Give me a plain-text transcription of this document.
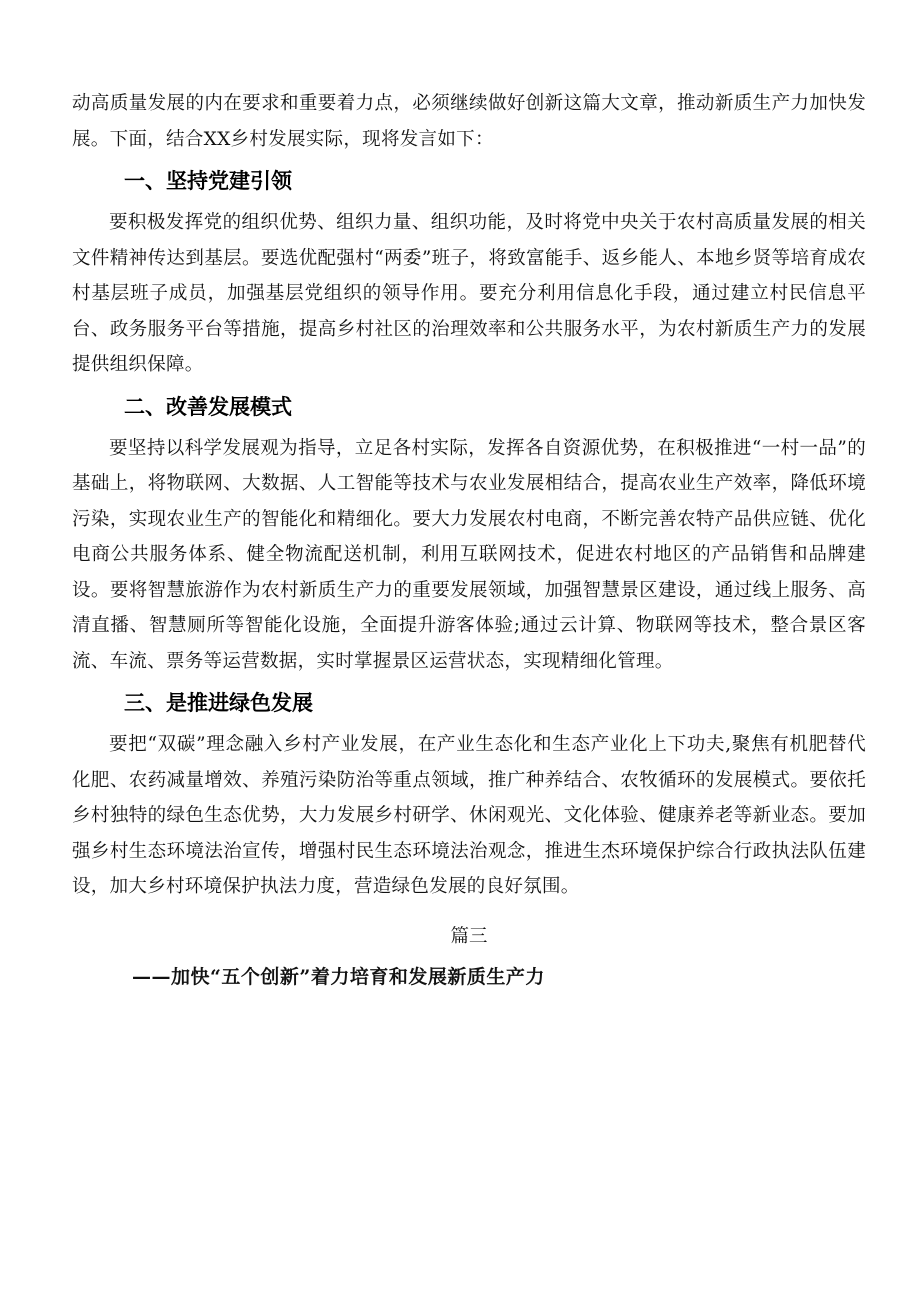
动高质量发展的内在要求和重要着力点，必须继续做好创新这篇大文章，推动新质生产力加快发展。下面，结合XX乡村发展实际，现将发言如下：

一、坚持党建引领

要积极发挥党的组织优势、组织力量、组织功能，及时将党中央关于农村高质量发展的相关文件精神传达到基层。要选优配强村“两委”班子，将致富能手、返乡能人、本地乡贤等培育成农村基层班子成员，加强基层党组织的领导作用。要充分利用信息化手段，通过建立村民信息平台、政务服务平台等措施，提高乡村社区的治理效率和公共服务水平，为农村新质生产力的发展提供组织保障。

二、改善发展模式

要坚持以科学发展观为指导，立足各村实际，发挥各自资源优势，在积极推进“一村一品”的基础上，将物联网、大数据、人工智能等技术与农业发展相结合，提高农业生产效率，降低环境污染，实现农业生产的智能化和精细化。要大力发展农村电商，不断完善农特产品供应链、优化电商公共服务体系、健全物流配送机制，利用互联网技术，促进农村地区的产品销售和品牌建设。要将智慧旅游作为农村新质生产力的重要发展领域，加强智慧景区建设，通过线上服务、高清直播、智慧厕所等智能化设施，全面提升游客体验;通过云计算、物联网等技术，整合景区客流、车流、票务等运营数据，实时掌握景区运营状态，实现精细化管理。

三、是推进绿色发展

要把“双碳”理念融入乡村产业发展，在产业生态化和生态产业化上下功夫,聚焦有机肥替代化肥、农药减量增效、养殖污染防治等重点领域，推广种养结合、农牧循环的发展模式。要依托乡村独特的绿色生态优势，大力发展乡村研学、休闲观光、文化体验、健康养老等新业态。要加强乡村生态环境法治宣传，增强村民生态环境法治观念，推进生杰环境保护综合行政执法队伍建设，加大乡村环境保护执法力度，营造绿色发展的良好氛围。

篇三
——加快“五个创新”着力培育和发展新质生产力
